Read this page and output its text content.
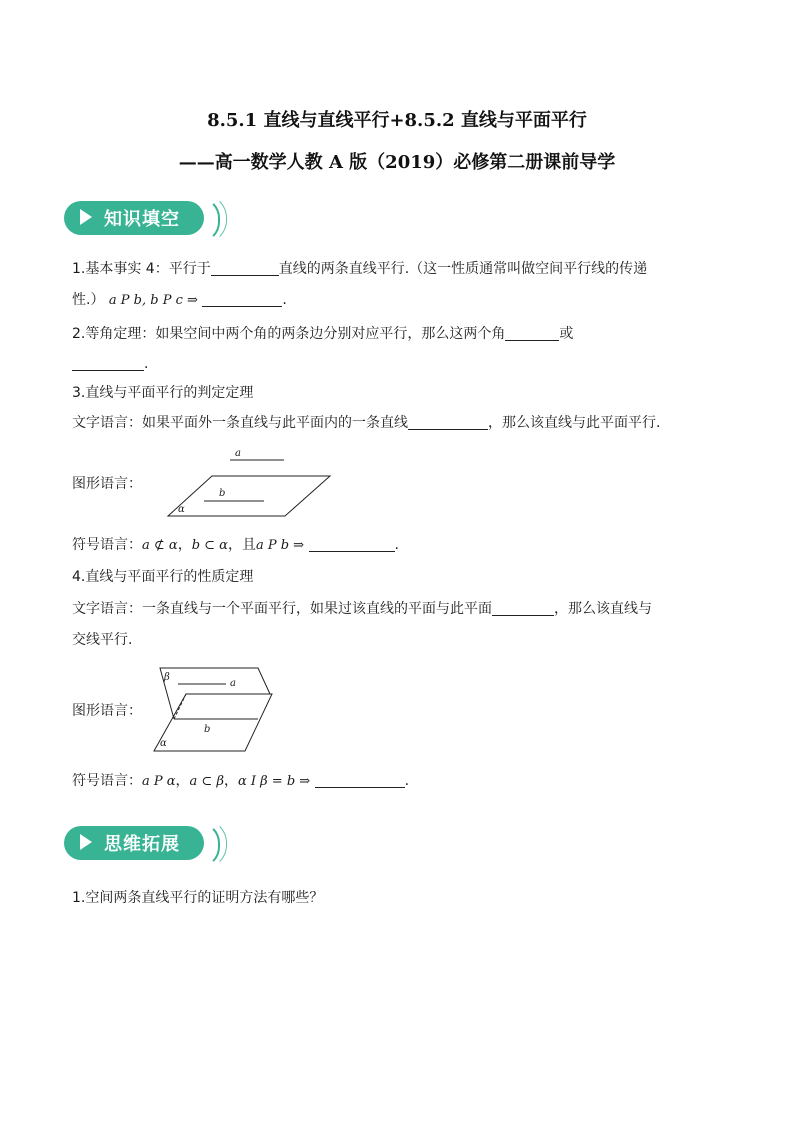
8.5.1 直线与直线平行+8.5.2 直线与平面平行
——高一数学人教 A 版（2019）必修第二册课前导学
知识填空
1.基本事实 4：平行于	直线的两条直线平行.（这一性质通常叫做空间平行线的传递
性.） a P b, b P c ⇒	.
2.等角定理：如果空间中两个角的两条边分别对应平行，那么这两个角	或
.
3.直线与平面平行的判定定理
文字语言：如果平面外一条直线与此平面内的一条直线	，那么该直线与此平面平行.
图形语言：
a
b
α
符号语言：a ⊄ α，b ⊂ α，且a P b ⇒	.
4.直线与平面平行的性质定理
文字语言：一条直线与一个平面平行，如果过该直线的平面与此平面	，那么该直线与
交线平行.
图形语言：
β
a
b
α
符号语言：a P α，a ⊂ β，α I β = b ⇒	.
思维拓展
1.空间两条直线平行的证明方法有哪些？
